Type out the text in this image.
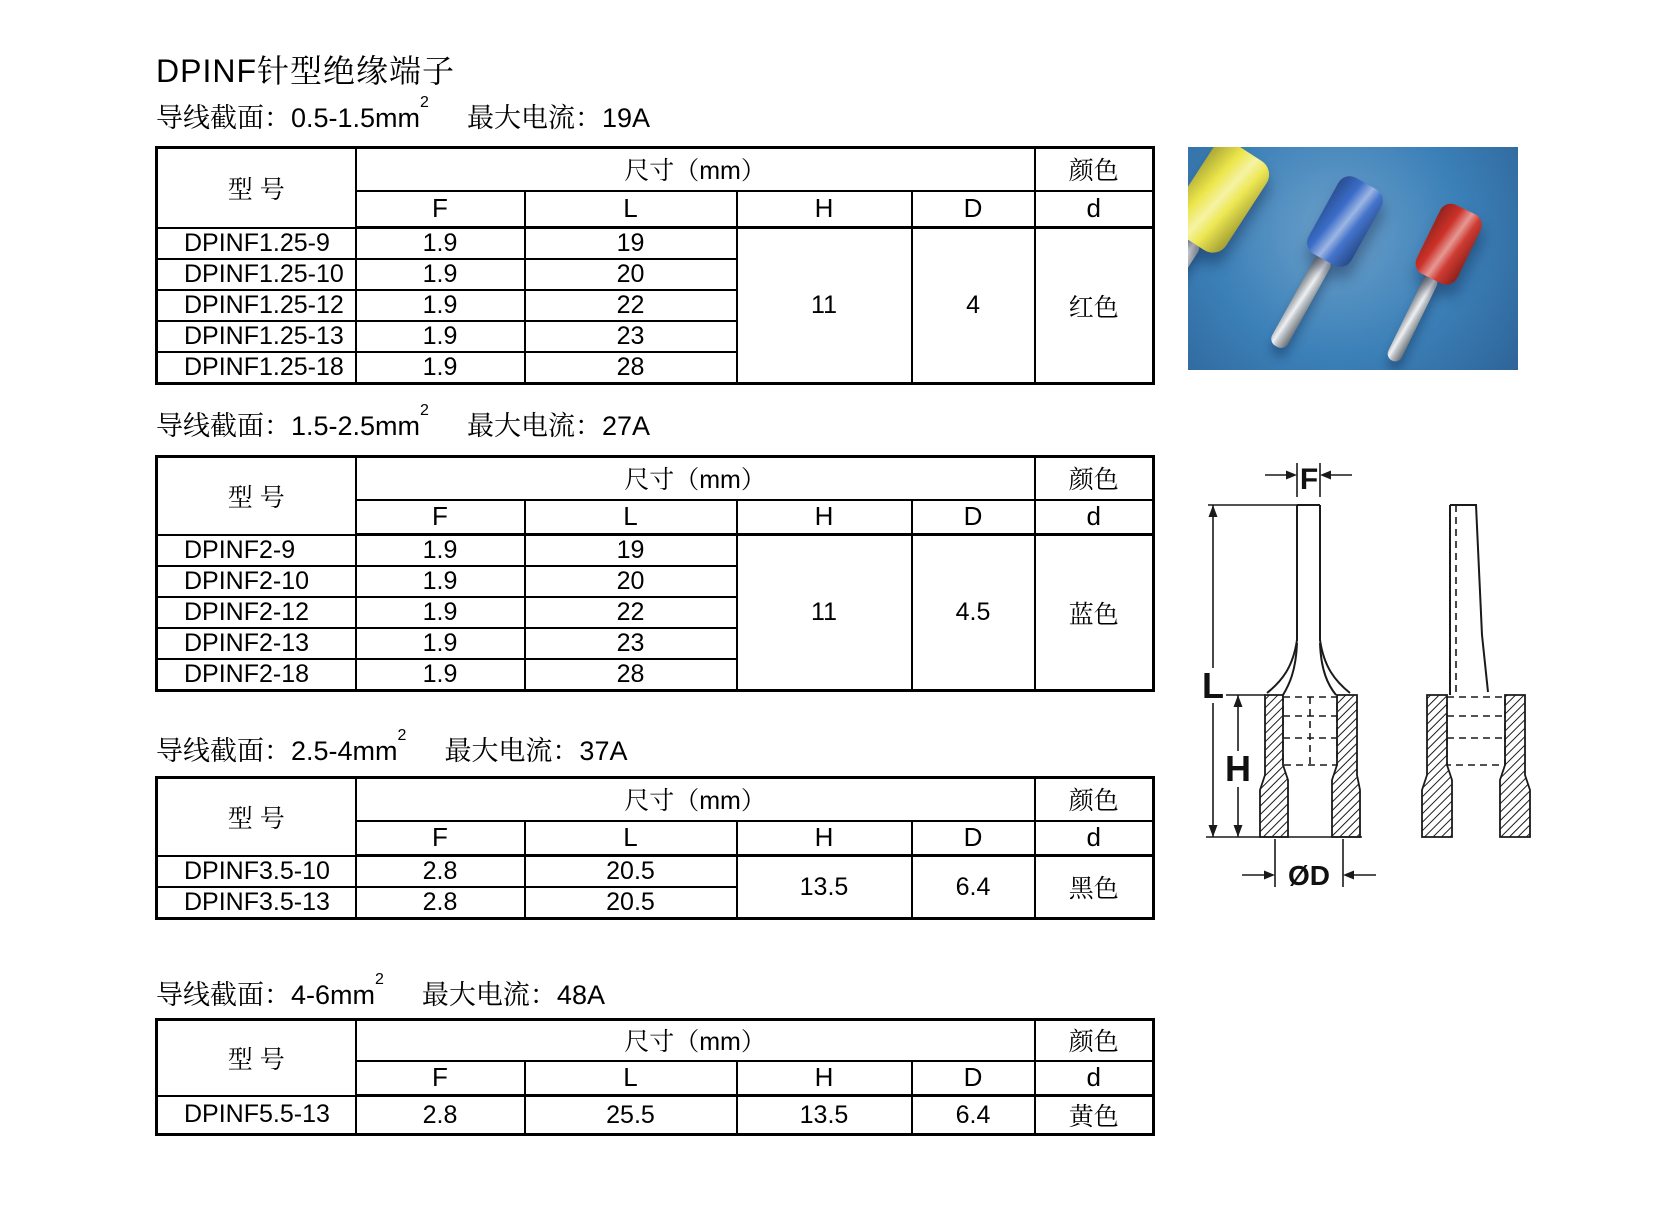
DPINF针型绝缘端子
导线截面：$0.5-1.5mm^2$最大电流：19A
型 号	尺寸（mm）				颜色
	F	L	H	D	d
DPINF1.25-9	1.9	19	11	4	红色
DPINF1.25-10	1.9	20			
DPINF1.25-12	1.9	22			
DPINF1.25-13	1.9	23			
DPINF1.25-18	1.9	28			
导线截面：$1.5-2.5mm^2$最大电流：27A
型 号	尺寸（mm）				颜色
	F	L	H	D	d
DPINF2-9	1.9	19	11	4.5	蓝色
DPINF2-10	1.9	20			
DPINF2-12	1.9	22			
DPINF2-13	1.9	23			
DPINF2-18	1.9	28			
导线截面：$2.5-4mm^2$最大电流：37A
型 号	尺寸（mm）				颜色
	F	L	H	D	d
DPINF3.5-10	2.8	20.5	13.5	6.4	黑色
DPINF3.5-13	2.8	20.5			
导线截面：$4-6mm^2$最大电流：48A
型 号	尺寸（mm）				颜色
	F	L	H	D	d
DPINF5.5-13	2.8	25.5	13.5	6.4	黄色
F
L
H
ØD
